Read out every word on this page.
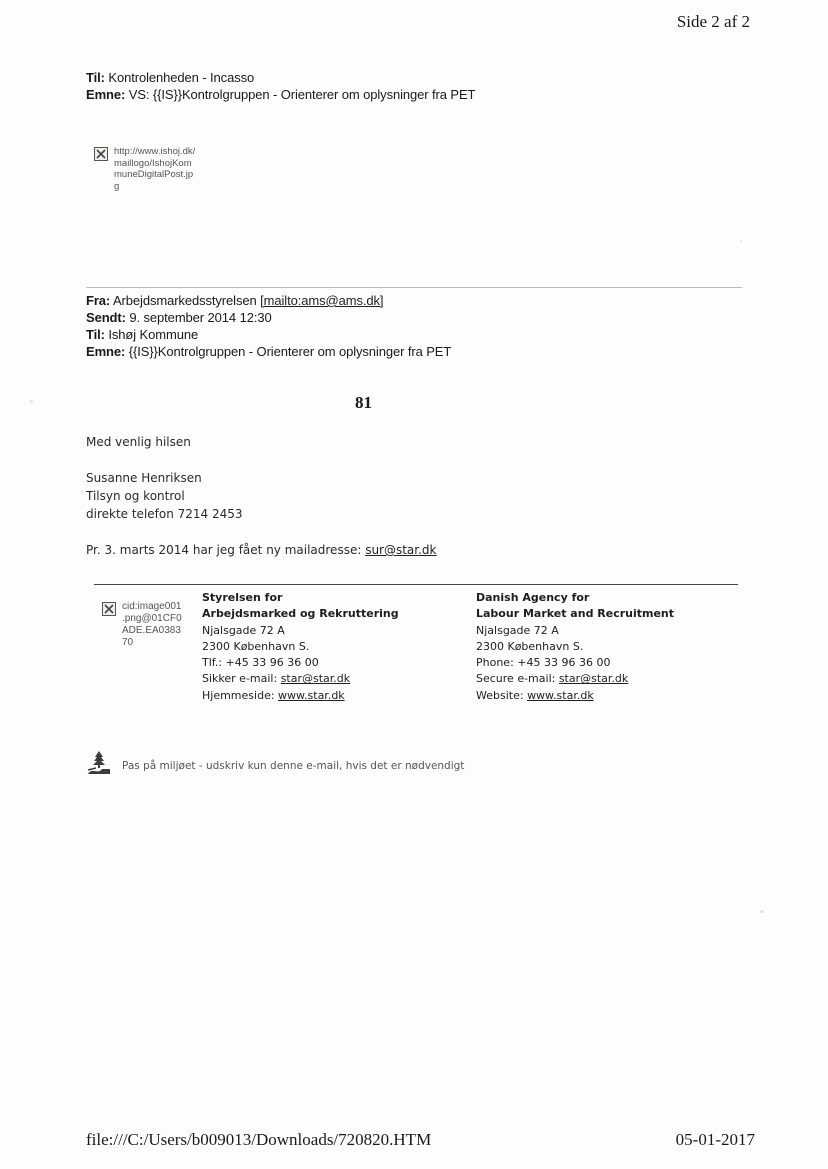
Side 2 af 2
Til: Kontrolenheden - Incasso
Emne: VS: {{IS}}Kontrolgruppen - Orienterer om oplysninger fra PET
http://www.ishoj.dk/
maillogo/IshojKom
muneDigitalPost.jp
g
Fra: Arbejdsmarkedsstyrelsen [mailto:ams@ams.dk]
Sendt: 9. september 2014 12:30
Til: Ishøj Kommune
Emne: {{IS}}Kontrolgruppen - Orienterer om oplysninger fra PET
81
Med venlig hilsen
Susanne Henriksen
Tilsyn og kontrol
direkte telefon 7214 2453
Pr. 3. marts 2014 har jeg fået ny mailadresse: sur@star.dk
cid:image001
.png@01CF0
ADE.EA0383
70
Styrelsen for
Arbejdsmarked og Rekruttering
Njalsgade 72 A
2300 København S.
Tlf.: +45 33 96 36 00
Sikker e-mail: star@star.dk
Hjemmeside: www.star.dk
Danish Agency for
Labour Market and Recruitment
Njalsgade 72 A
2300 København S.
Phone: +45 33 96 36 00
Secure e-mail: star@star.dk
Website: www.star.dk
Pas på miljøet - udskriv kun denne e-mail, hvis det er nødvendigt
file:///C:/Users/b009013/Downloads/720820.HTM	05-01-2017
